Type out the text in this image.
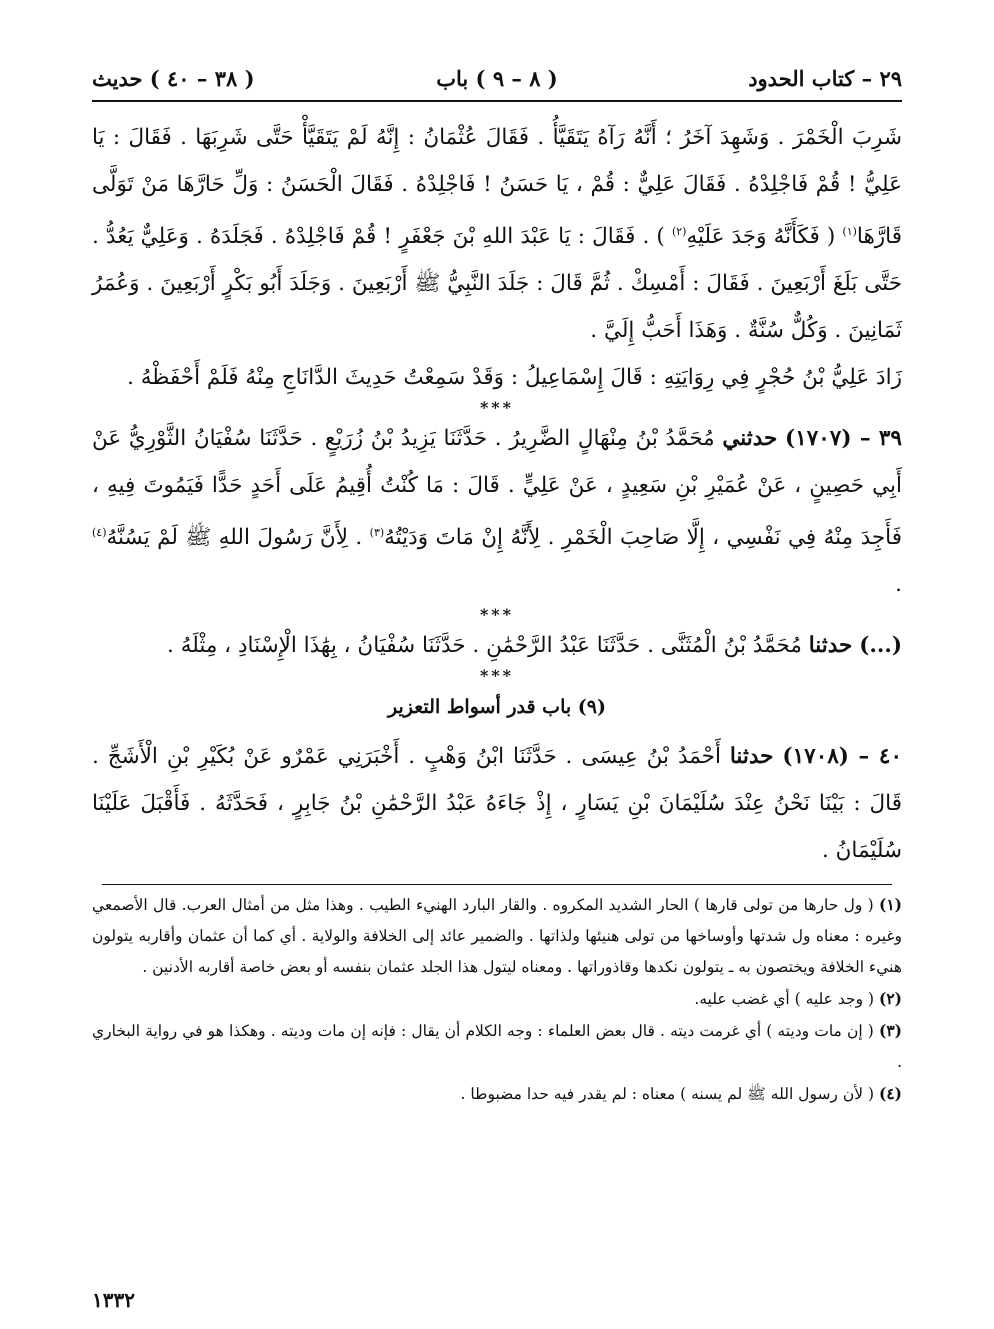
٢٩ – كتاب الحدود
( ٨ – ٩ ) باب
( ٣٨ – ٤٠ ) حديث

شَرِبَ الْخَمْرَ . وَشَهِدَ آخَرُ ؛ أَنَّهُ رَآهُ يَتَقَيَّأُ . فَقَالَ عُثْمَانُ : إِنَّهُ لَمْ يَتَقَيَّأْ حَتَّى شَرِبَهَا . فَقَالَ : يَا عَلِيُّ ! قُمْ فَاجْلِدْهُ . فَقَالَ عَلِيٌّ : قُمْ ، يَا حَسَنُ ! فَاجْلِدْهُ . فَقَالَ الْحَسَنُ : وَلِّ حَارَّهَا مَنْ تَوَلَّى قَارَّهَا$^{(١)}$ ( فَكَأَنَّهُ وَجَدَ عَلَيْهِ$^{(٢)}$ ) . فَقَالَ : يَا عَبْدَ اللهِ بْنَ جَعْفَرٍ ! قُمْ فَاجْلِدْهُ . فَجَلَدَهُ . وَعَلِيٌّ يَعُدُّ . حَتَّى بَلَغَ أَرْبَعِينَ . فَقَالَ : أَمْسِكْ . ثُمَّ قَالَ : جَلَدَ النَّبِيُّ ﷺ أَرْبَعِينَ . وَجَلَدَ أَبُو بَكْرٍ أَرْبَعِينَ . وَعُمَرُ ثَمَانِينَ . وَكُلٌّ سُنَّةٌ . وَهَذَا أَحَبُّ إِلَيَّ .

زَادَ عَلِيُّ بْنُ حُجْرٍ فِي رِوَايَتِهِ : قَالَ إِسْمَاعِيلُ : وَقَدْ سَمِعْتُ حَدِيثَ الدَّانَاجِ مِنْهُ فَلَمْ أَحْفَظْهُ .

***

٣٩ – (١٧٠٧) حدثني مُحَمَّدُ بْنُ مِنْهَالٍ الضَّرِيرُ . حَدَّثَنَا يَزِيدُ بْنُ زُرَيْعٍ . حَدَّثَنَا سُفْيَانُ الثَّوْرِيُّ عَنْ أَبِي حَصِينٍ ، عَنْ عُمَيْرِ بْنِ سَعِيدٍ ، عَنْ عَلِيٍّ . قَالَ : مَا كُنْتُ أُقِيمُ عَلَى أَحَدٍ حَدًّا فَيَمُوتَ فِيهِ ، فَأَجِدَ مِنْهُ فِي نَفْسِي ، إِلَّا صَاحِبَ الْخَمْرِ . لِأَنَّهُ إِنْ مَاتَ وَدَيْتُهُ$^{(٣)}$ . لِأَنَّ رَسُولَ اللهِ ﷺ لَمْ يَسُنَّهُ$^{(٤)}$ .

***

(...) حدثنا مُحَمَّدُ بْنُ الْمُثَنَّى . حَدَّثَنَا عَبْدُ الرَّحْمَٰنِ . حَدَّثَنَا سُفْيَانُ ، بِهَٰذَا الْإِسْنَادِ ، مِثْلَهُ .

***

(٩) باب قدر أسواط التعزير

٤٠ – (١٧٠٨) حدثنا أَحْمَدُ بْنُ عِيسَى . حَدَّثَنَا ابْنُ وَهْبٍ . أَخْبَرَنِي عَمْرٌو عَنْ بُكَيْرِ بْنِ الْأَشَجِّ . قَالَ : بَيْنَا نَحْنُ عِنْدَ سُلَيْمَانَ بْنِ يَسَارٍ ، إِذْ جَاءَهُ عَبْدُ الرَّحْمَٰنِ بْنُ جَابِرٍ ، فَحَدَّثَهُ . فَأَقْبَلَ عَلَيْنَا سُلَيْمَانُ .

(١) ( ول حارها من تولى قارها ) الحار الشديد المكروه . والقار البارد الهنيء الطيب . وهذا مثل من أمثال العرب. قال الأصمعي وغيره : معناه ول شدتها وأوساخها من تولى هنيئها ولذاتها . والضمير عائد إلى الخلافة والولاية . أي كما أن عثمان وأقاربه يتولون هنيء الخلافة ويختصون به ـ يتولون نكدها وقاذوراتها . ومعناه ليتول هذا الجلد عثمان بنفسه أو بعض خاصة أقاربه الأدنين .

(٢) ( وجد عليه ) أي غضب عليه.

(٣) ( إن مات وديته ) أي غرمت ديته . قال بعض العلماء : وجه الكلام أن يقال : فإنه إن مات وديته . وهكذا هو في رواية البخاري .

(٤) ( لأن رسول الله ﷺ لم يسنه ) معناه : لم يقدر فيه حدا مضبوطا .

١٣٣٢
